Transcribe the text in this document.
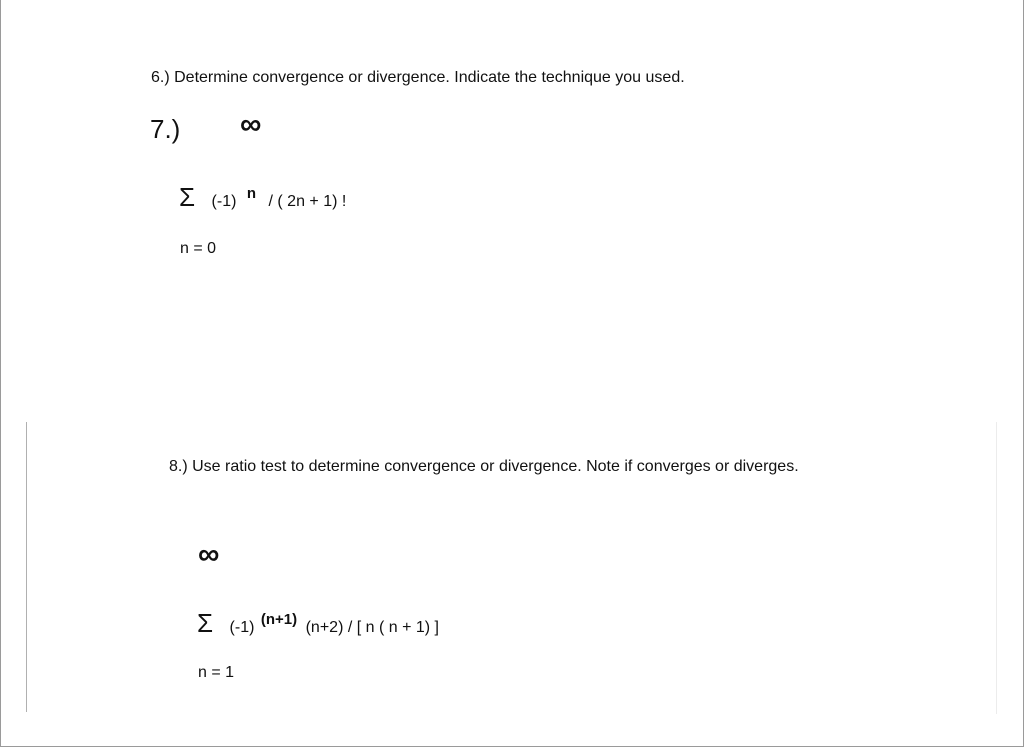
6.) Determine convergence or divergence. Indicate the technique you used.
7.) ∞
Σ (-1) n / ( 2n + 1) !
n = 0
8.) Use ratio test to determine convergence or divergence. Note if converges or diverges.
∞
Σ (-1) (n+1) (n+2) / [ n ( n + 1) ]
n = 1
